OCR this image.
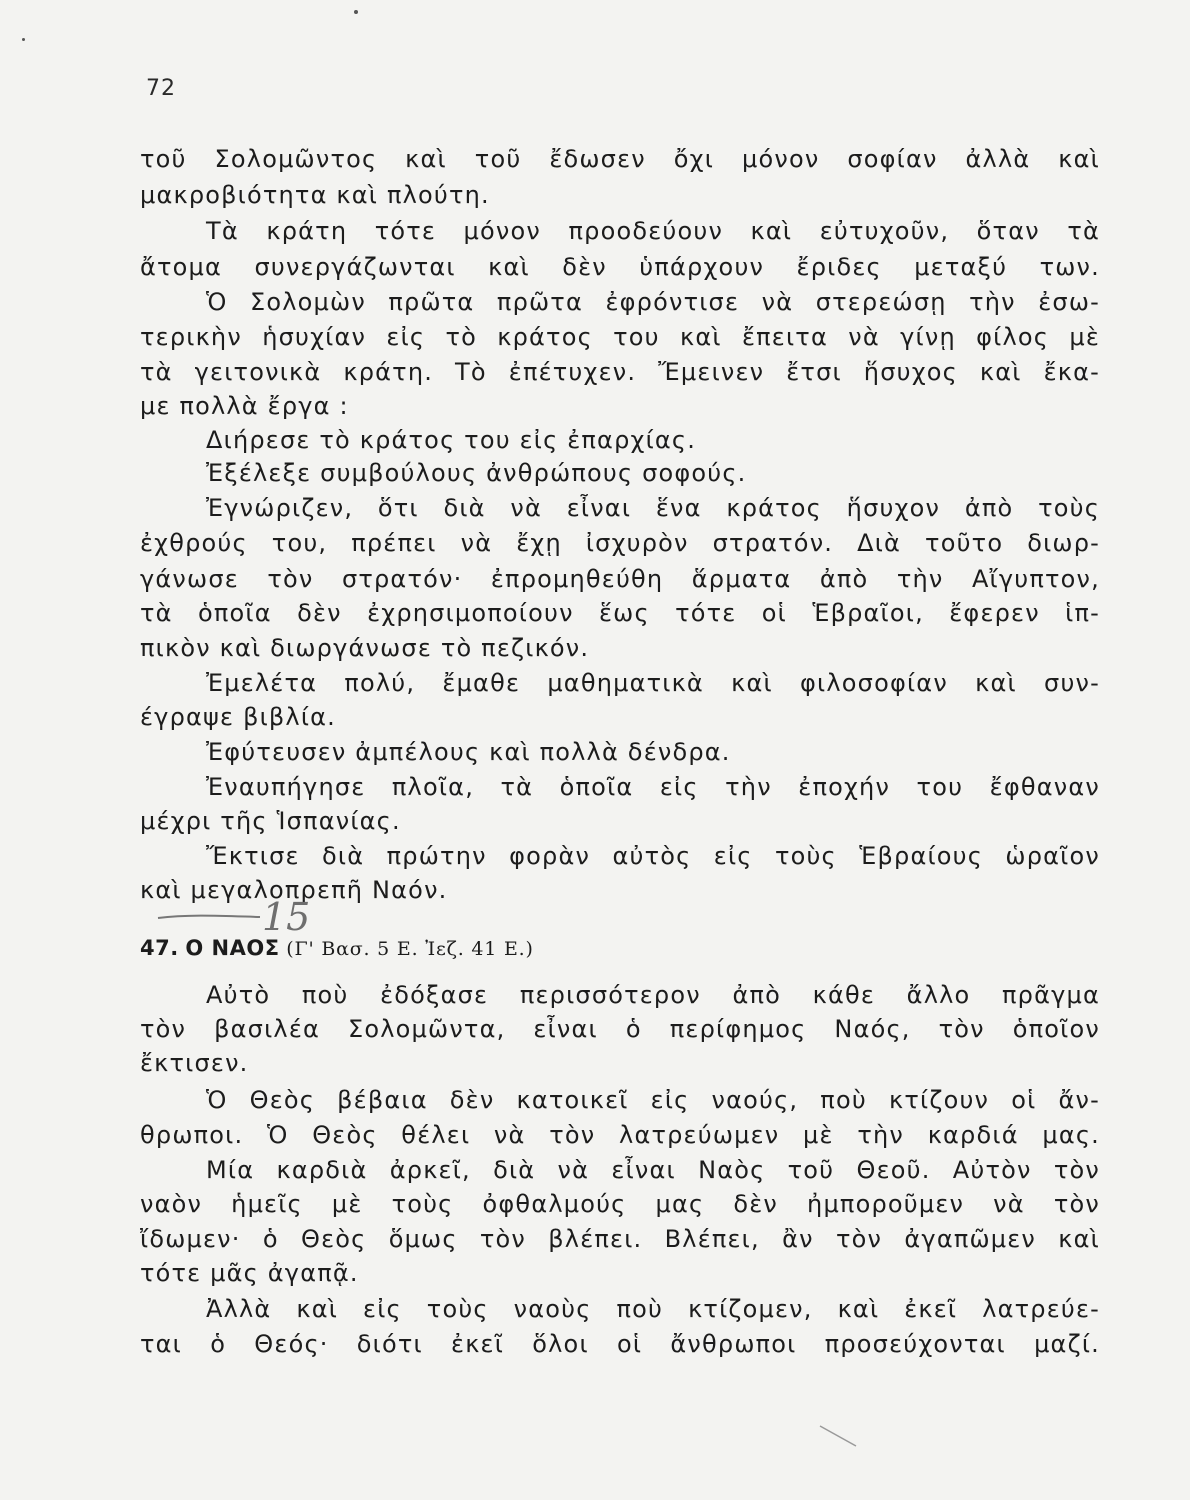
72
τοῦ Σολομῶντος καὶ τοῦ ἔδωσεν ὄχι μόνον σοφίαν ἀλλὰ καὶ
μακροβιότητα καὶ πλούτη.
Τὰ κράτη τότε μόνον προοδεύουν καὶ εὐτυχοῦν, ὅταν τὰ
ἄτομα συνεργάζωνται καὶ δὲν ὑπάρχουν ἔριδες μεταξύ των.
Ὁ Σολομὼν πρῶτα πρῶτα ἐφρόντισε νὰ στερεώσῃ τὴν ἐσω-
τερικὴν ἡσυχίαν εἰς τὸ κράτος του καὶ ἔπειτα νὰ γίνῃ φίλος μὲ
τὰ γειτονικὰ κράτη. Τὸ ἐπέτυχεν. Ἔμεινεν ἔτσι ἥσυχος καὶ ἔκα-
με πολλὰ ἔργα :
Διήρεσε τὸ κράτος του εἰς ἐπαρχίας.
Ἐξέλεξε συμβούλους ἀνθρώπους σοφούς.
Ἐγνώριζεν, ὅτι διὰ νὰ εἶναι ἕνα κράτος ἥσυχον ἀπὸ τοὺς
ἐχθρούς του, πρέπει νὰ ἔχῃ ἰσχυρὸν στρατόν. Διὰ τοῦτο διωρ-
γάνωσε τὸν στρατόν· ἐπρομηθεύθη ἅρματα ἀπὸ τὴν Αἴγυπτον,
τὰ ὁποῖα δὲν ἐχρησιμοποίουν ἕως τότε οἱ Ἑβραῖοι, ἔφερεν ἱπ-
πικὸν καὶ διωργάνωσε τὸ πεζικόν.
Ἐμελέτα πολύ, ἔμαθε μαθηματικὰ καὶ φιλοσοφίαν καὶ συν-
έγραψε βιβλία.
Ἐφύτευσεν ἀμπέλους καὶ πολλὰ δένδρα.
Ἐναυπήγησε πλοῖα, τὰ ὁποῖα εἰς τὴν ἐποχήν του ἔφθαναν
μέχρι τῆς Ἱσπανίας.
Ἔκτισε διὰ πρώτην φορὰν αὐτὸς εἰς τοὺς Ἑβραίους ὡραῖον
καὶ μεγαλοπρεπῆ Ναόν.
15
47. Ο ΝΑΟΣ (Γ' Βασ. 5 Ε. Ἰεζ. 41 Ε.)
Αὐτὸ ποὺ ἐδόξασε περισσότερον ἀπὸ κάθε ἄλλο πρᾶγμα
τὸν βασιλέα Σολομῶντα, εἶναι ὁ περίφημος Ναός, τὸν ὁποῖον
ἔκτισεν.
Ὁ Θεὸς βέβαια δὲν κατοικεῖ εἰς ναούς, ποὺ κτίζουν οἱ ἄν-
θρωποι. Ὁ Θεὸς θέλει νὰ τὸν λατρεύωμεν μὲ τὴν καρδιά μας.
Μία καρδιὰ ἀρκεῖ, διὰ νὰ εἶναι Ναὸς τοῦ Θεοῦ. Αὐτὸν τὸν
ναὸν ἡμεῖς μὲ τοὺς ὀφθαλμούς μας δὲν ἠμποροῦμεν νὰ τὸν
ἴδωμεν· ὁ Θεὸς ὅμως τὸν βλέπει. Βλέπει, ἂν τὸν ἀγαπῶμεν καὶ
τότε μᾶς ἀγαπᾷ.
Ἀλλὰ καὶ εἰς τοὺς ναοὺς ποὺ κτίζομεν, καὶ ἐκεῖ λατρεύε-
ται ὁ Θεός· διότι ἐκεῖ ὅλοι οἱ ἄνθρωποι προσεύχονται μαζί.
